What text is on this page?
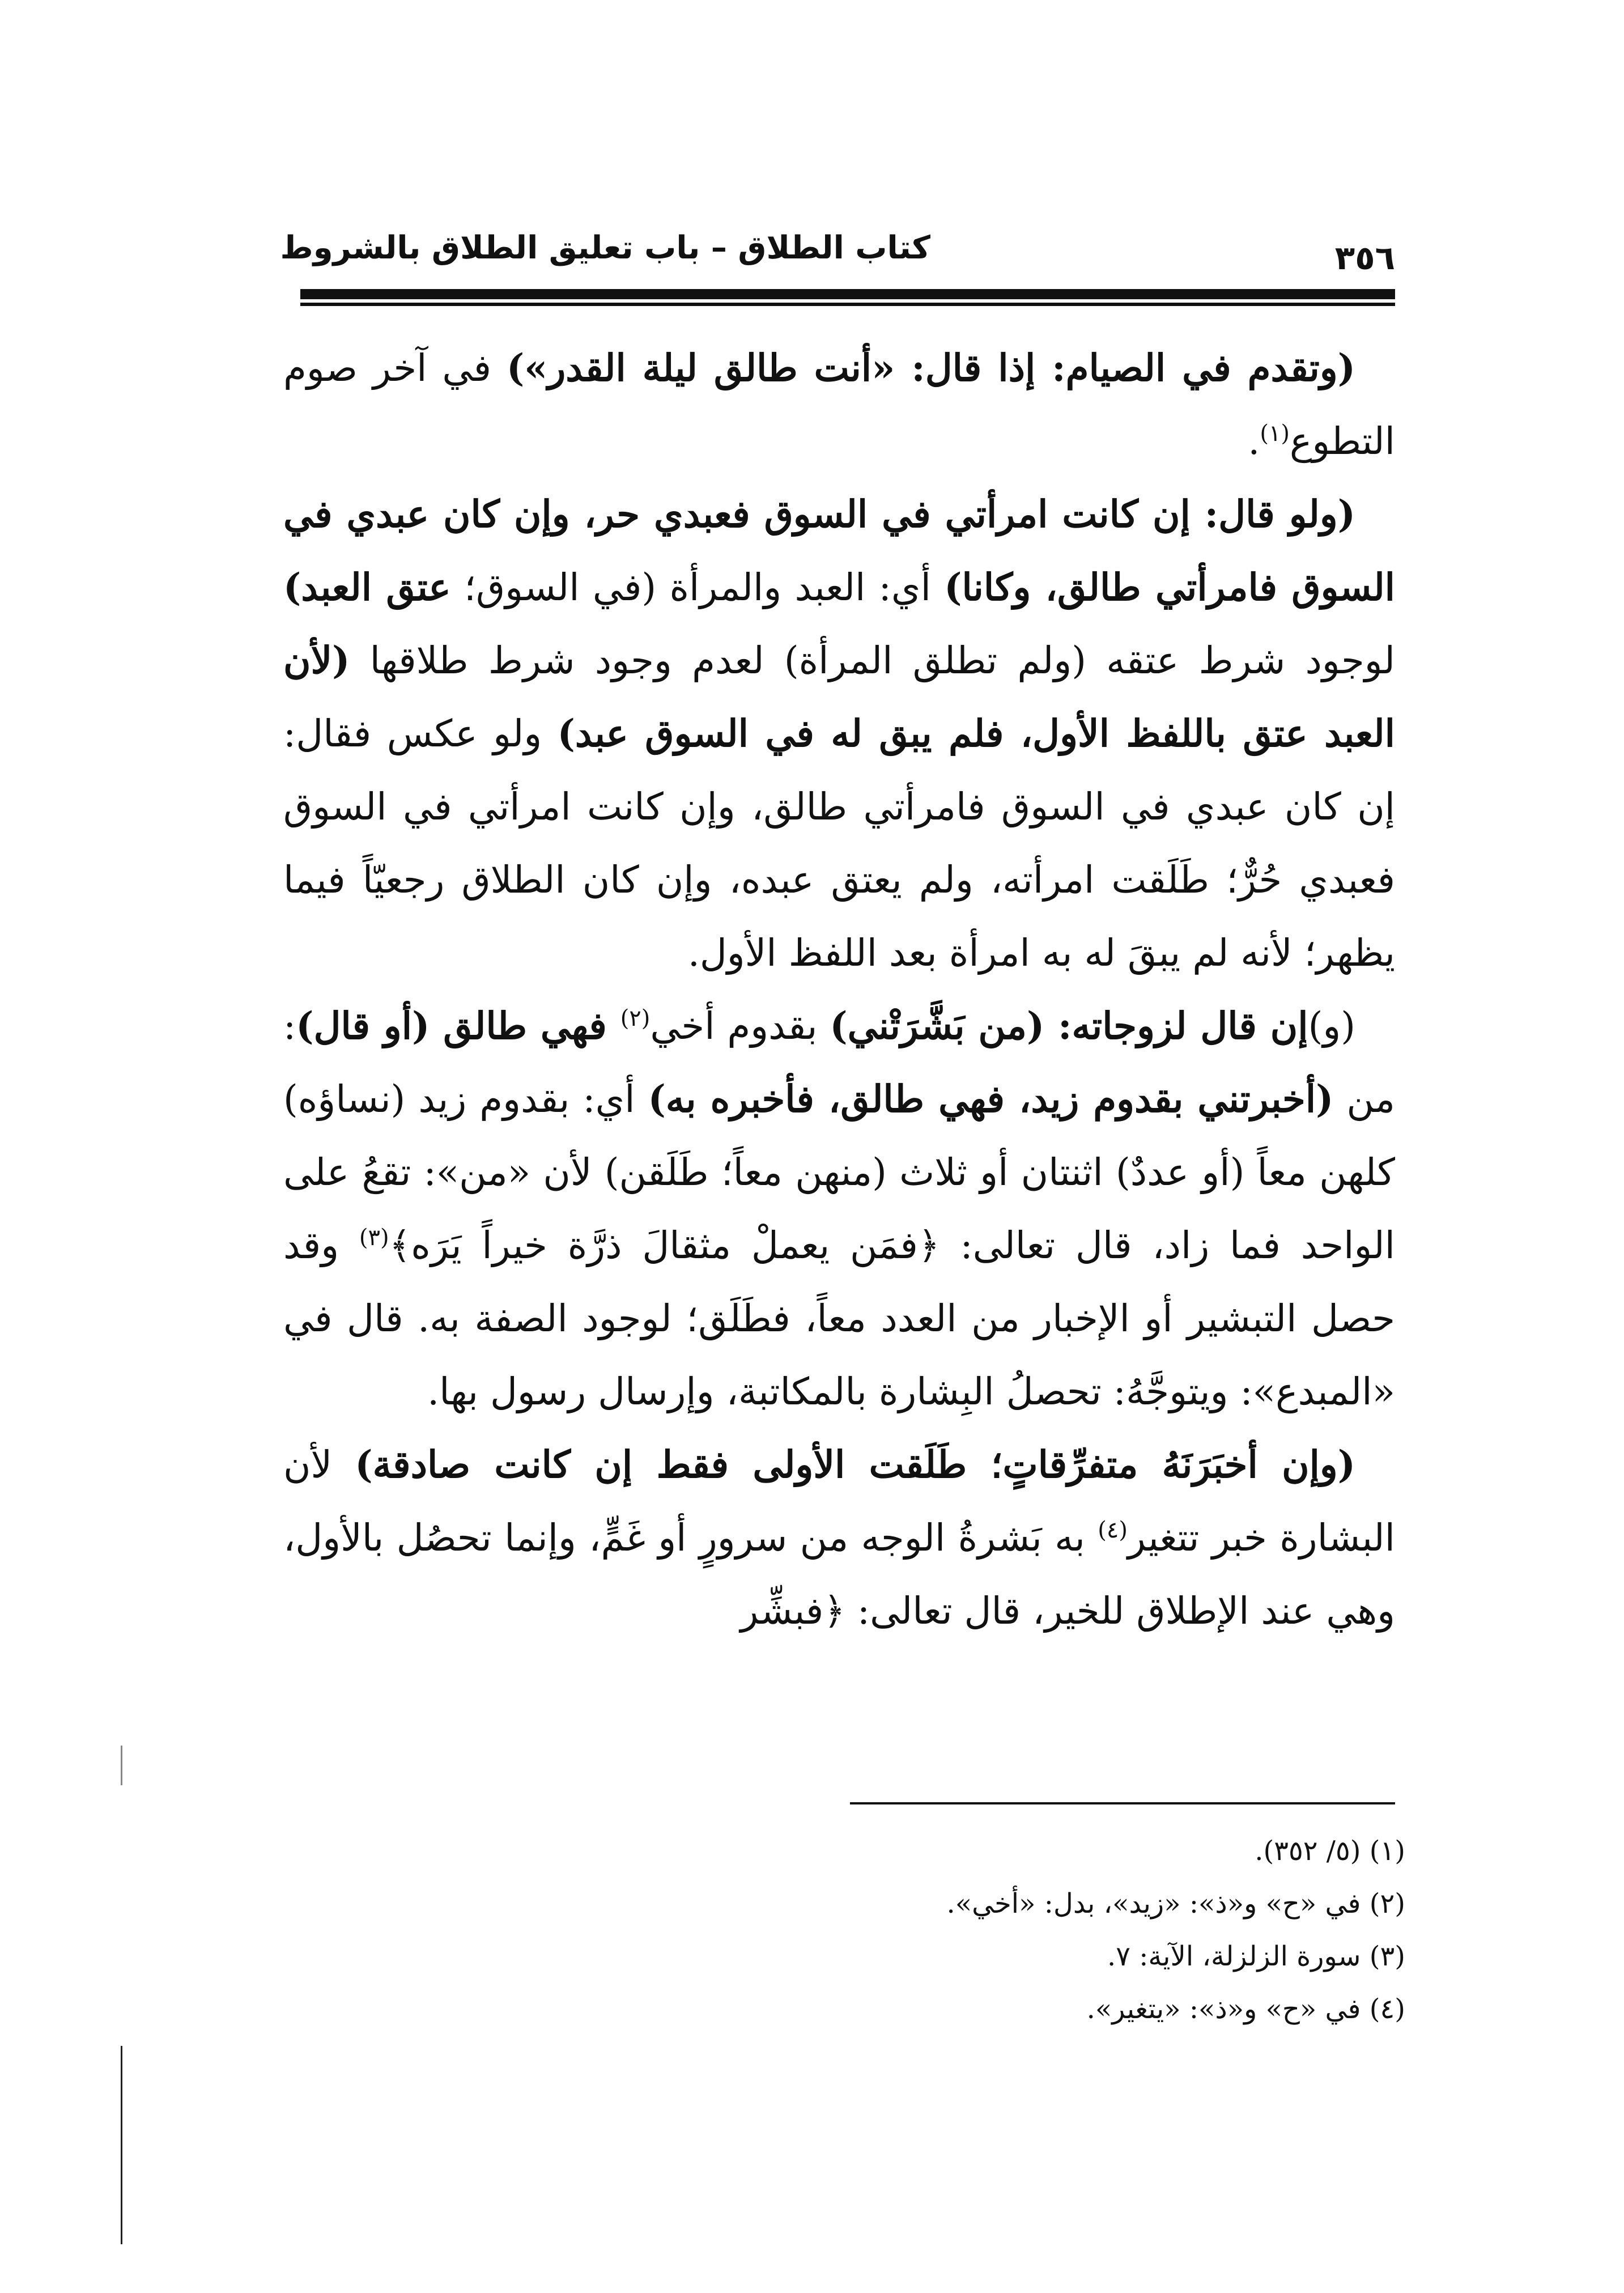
كتاب الطلاق – باب تعليق الطلاق بالشروط	٣٥٦

(وتقدم في الصيام: إذا قال: «أنت طالق ليلة القدر») في آخر صوم التطوع$^{(١)}$.

(ولو قال: إن كانت امرأتي في السوق فعبدي حر، وإن كان عبدي في السوق فامرأتي طالق، وكانا) أي: العبد والمرأة (في السوق؛ عتق العبد) لوجود شرط عتقه (ولم تطلق المرأة) لعدم وجود شرط طلاقها (لأن العبد عتق باللفظ الأول، فلم يبق له في السوق عبد) ولو عكس فقال: إن كان عبدي في السوق فامرأتي طالق، وإن كانت امرأتي في السوق فعبدي حُرٌّ؛ طَلَقت امرأته، ولم يعتق عبده، وإن كان الطلاق رجعيّاً فيما يظهر؛ لأنه لم يبقَ له به امرأة بعد اللفظ الأول.

(و)إن قال لزوجاته: (من بَشَّرَتْني) بقدوم أخي$^{(٢)}$ فهي طالق (أو قال): من (أخبرتني بقدوم زيد، فهي طالق، فأخبره به) أي: بقدوم زيد (نساؤه) كلهن معاً (أو عددٌ) اثنتان أو ثلاث (منهن معاً؛ طَلَقن) لأن «من»: تقعُ على الواحد فما زاد، قال تعالى: ﴿فمَن يعملْ مثقالَ ذرَّة خيراً يَرَه﴾$^{(٣)}$ وقد حصل التبشير أو الإخبار من العدد معاً، فطَلَق؛ لوجود الصفة به. قال في «المبدع»: ويتوجَّهُ: تحصلُ البِشارة بالمكاتبة، وإرسال رسول بها.

(وإن أخبَرَنَهُ متفرِّقاتٍ؛ طَلَقت الأولى فقط إن كانت صادقة) لأن البشارة خبر تتغير$^{(٤)}$ به بَشرةُ الوجه من سرورٍ أو غَمٍّ، وإنما تحصُل بالأول، وهي عند الإطلاق للخير، قال تعالى: ﴿فبشِّر

(١) (٥/ ٣٥٢).

(٢) في «ح» و«ذ»: «زيد»، بدل: «أخي».

(٣) سورة الزلزلة، الآية: ٧.

(٤) في «ح» و«ذ»: «يتغير».
